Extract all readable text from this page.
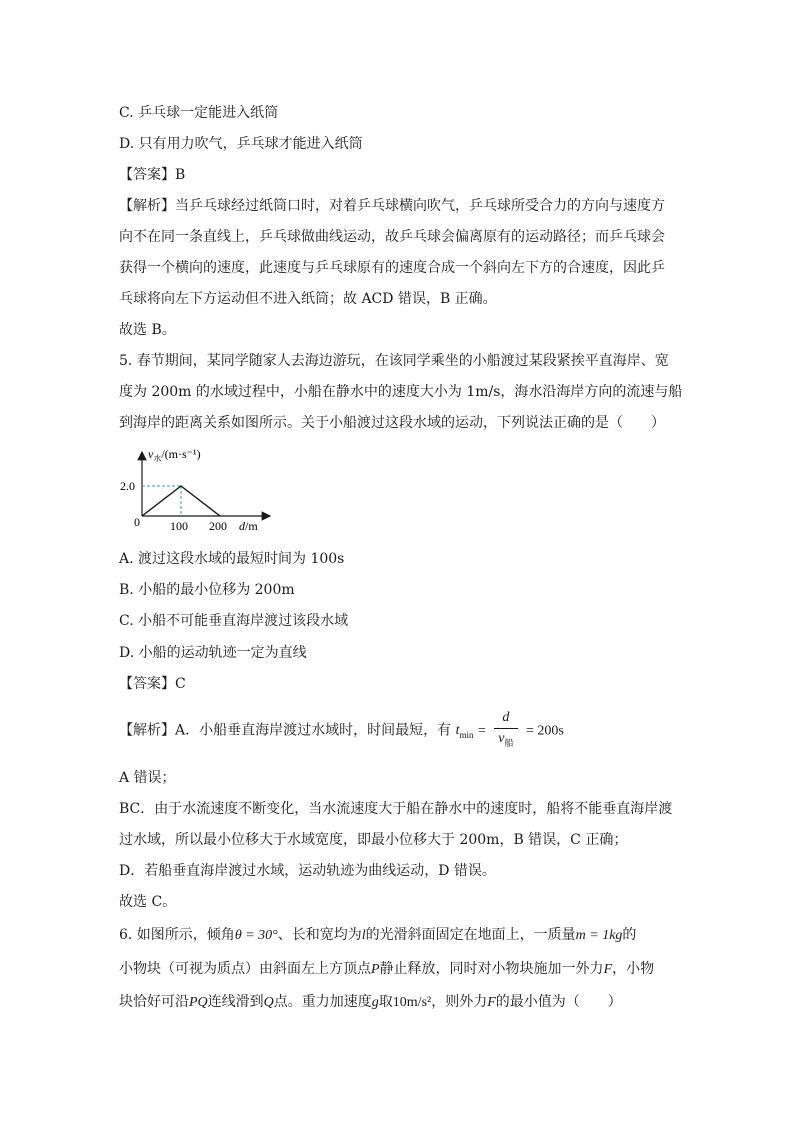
C. 乒乓球一定能进入纸筒
D. 只有用力吹气，乒乓球才能进入纸筒
【答案】B
【解析】当乒乓球经过纸筒口时，对着乒乓球横向吹气，乒乓球所受合力的方向与速度方
向不在同一条直线上，乒乓球做曲线运动，故乒乓球会偏离原有的运动路径；而乒乓球会
获得一个横向的速度，此速度与乒乓球原有的速度合成一个斜向左下方的合速度，因此乒
乓球将向左下方运动但不进入纸筒；故 ACD 错误，B 正确。
故选 B。
5. 春节期间，某同学随家人去海边游玩，在该同学乘坐的小船渡过某段紧挨平直海岸、宽
度为 200m 的水域过程中，小船在静水中的速度大小为 1m/s，海水沿海岸方向的流速与船
到海岸的距离关系如图所示。关于小船渡过这段水域的运动，下列说法正确的是（　　）
$v_水/(m\cdot s^{-1})$
2.0
0	100 200 d/m
A. 渡过这段水域的最短时间为 100s
B. 小船的最小位移为 200m
C. 小船不可能垂直海岸渡过该段水域
D. 小船的运动轨迹一定为直线
【答案】C
【解析】A．小船垂直海岸渡过水域时，时间最短，有 $t_{min} = \frac{d}{v_船} = 200s$
A 错误；
BC．由于水流速度不断变化，当水流速度大于船在静水中的速度时，船将不能垂直海岸渡
过水域，所以最小位移大于水域宽度，即最小位移大于 200m，B 错误，C 正确；
D．若船垂直海岸渡过水域，运动轨迹为曲线运动，D 错误。
故选 C。
6. 如图所示，倾角θ = 30°、长和宽均为l的光滑斜面固定在地面上，一质量m = 1kg的
小物块（可视为质点）由斜面左上方顶点P静止释放，同时对小物块施加一外力F，小物
块恰好可沿PQ连线滑到Q点。重力加速度g取10m/s²，则外力F的最小值为（　　）
